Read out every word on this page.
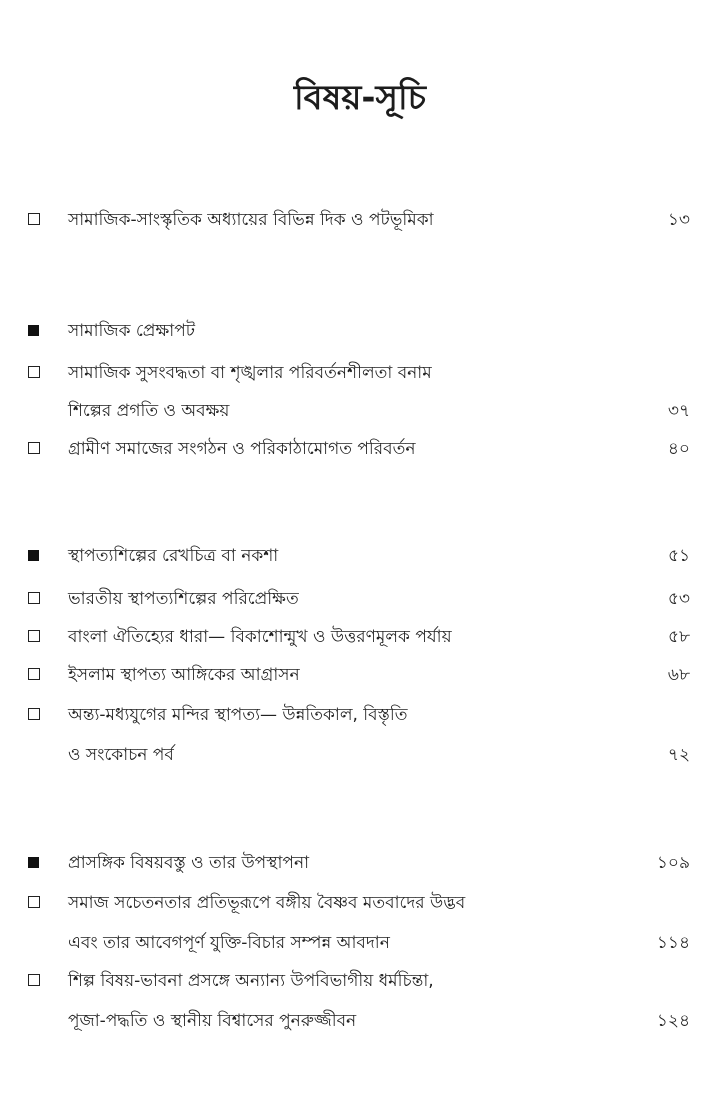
বিষয়-সূচি
সামাজিক-সাংস্কৃতিক অধ্যায়ের বিভিন্ন দিক ও পটভূমিকা	১৩
সামাজিক প্রেক্ষাপট
সামাজিক সুসংবদ্ধতা বা শৃঙ্খলার পরিবর্তনশীলতা বনাম
শিল্পের প্রগতি ও অবক্ষয়	৩৭
গ্রামীণ সমাজের সংগঠন ও পরিকাঠামোগত পরিবর্তন	৪০
স্থাপত্যশিল্পের রেখচিত্র বা নকশা	৫১
ভারতীয় স্থাপত্যশিল্পের পরিপ্রেক্ষিত	৫৩
বাংলা ঐতিহ্যের ধারা— বিকাশোন্মুখ ও উত্তরণমূলক পর্যায়	৫৮
ইসলাম স্থাপত্য আঙ্গিকের আগ্রাসন	৬৮
অন্ত্য-মধ্যযুগের মন্দির স্থাপত্য— উন্নতিকাল, বিস্তৃতি
ও সংকোচন পর্ব	৭২
প্রাসঙ্গিক বিষয়বস্তু ও তার উপস্থাপনা	১০৯
সমাজ সচেতনতার প্রতিভূরূপে বঙ্গীয় বৈষ্ণব মতবাদের উদ্ভব
এবং তার আবেগপূর্ণ যুক্তি-বিচার সম্পন্ন আবদান	১১৪
শিল্প বিষয়-ভাবনা প্রসঙ্গে অন্যান্য উপবিভাগীয় ধর্মচিন্তা,
পূজা-পদ্ধতি ও স্থানীয় বিশ্বাসের পুনরুজ্জীবন	১২৪
